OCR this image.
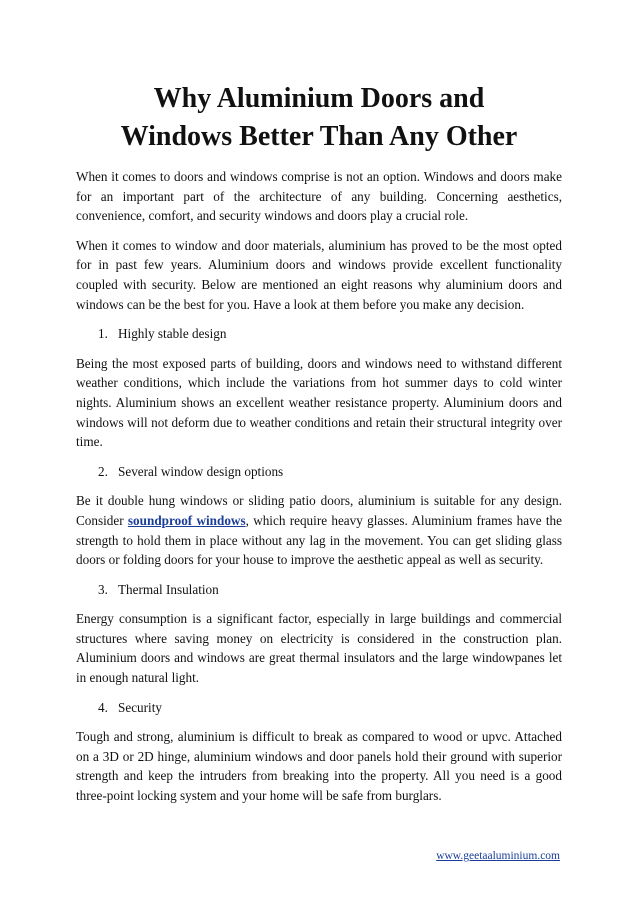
Why Aluminium Doors and
Windows Better Than Any Other

When it comes to doors and windows comprise is not an option. Windows and doors make for an important part of the architecture of any building. Concerning aesthetics, convenience, comfort, and security windows and doors play a crucial role.

When it comes to window and door materials, aluminium has proved to be the most opted for in past few years. Aluminium doors and windows provide excellent functionality coupled with security. Below are mentioned an eight reasons why aluminium doors and windows can be the best for you. Have a look at them before you make any decision.

1. Highly stable design

Being the most exposed parts of building, doors and windows need to withstand different weather conditions, which include the variations from hot summer days to cold winter nights. Aluminium shows an excellent weather resistance property. Aluminium doors and windows will not deform due to weather conditions and retain their structural integrity over time.

2. Several window design options

Be it double hung windows or sliding patio doors, aluminium is suitable for any design. Consider soundproof windows, which require heavy glasses. Aluminium frames have the strength to hold them in place without any lag in the movement. You can get sliding glass doors or folding doors for your house to improve the aesthetic appeal as well as security.

3. Thermal Insulation

Energy consumption is a significant factor, especially in large buildings and commercial structures where saving money on electricity is considered in the construction plan. Aluminium doors and windows are great thermal insulators and the large windowpanes let in enough natural light.

4. Security

Tough and strong, aluminium is difficult to break as compared to wood or upvc. Attached on a 3D or 2D hinge, aluminium windows and door panels hold their ground with superior strength and keep the intruders from breaking into the property. All you need is a good three-point locking system and your home will be safe from burglars.

www.geetaaluminium.com
